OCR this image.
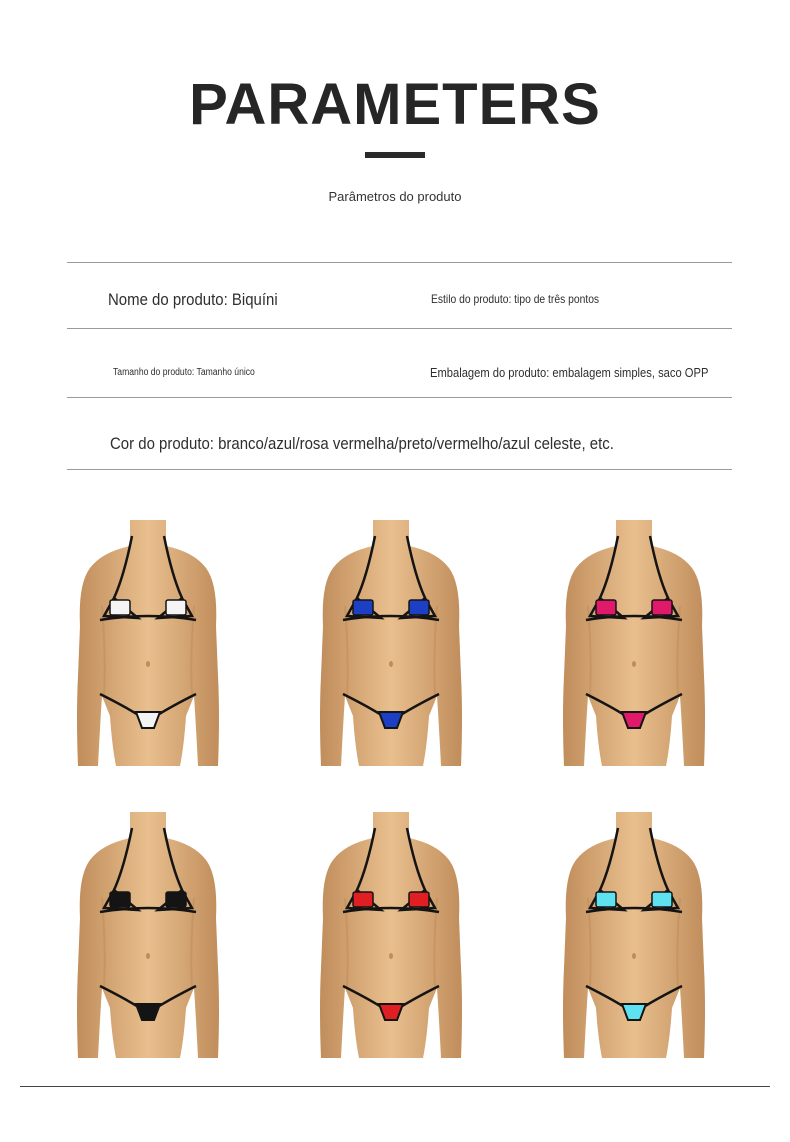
PARAMETERS
Parâmetros do produto
Nome do produto: Biquíni	Estilo do produto: tipo de três pontos
Tamanho do produto: Tamanho único	Embalagem do produto: embalagem simples, saco OPP
Cor do produto: branco/azul/rosa vermelha/preto/vermelho/azul celeste, etc.
